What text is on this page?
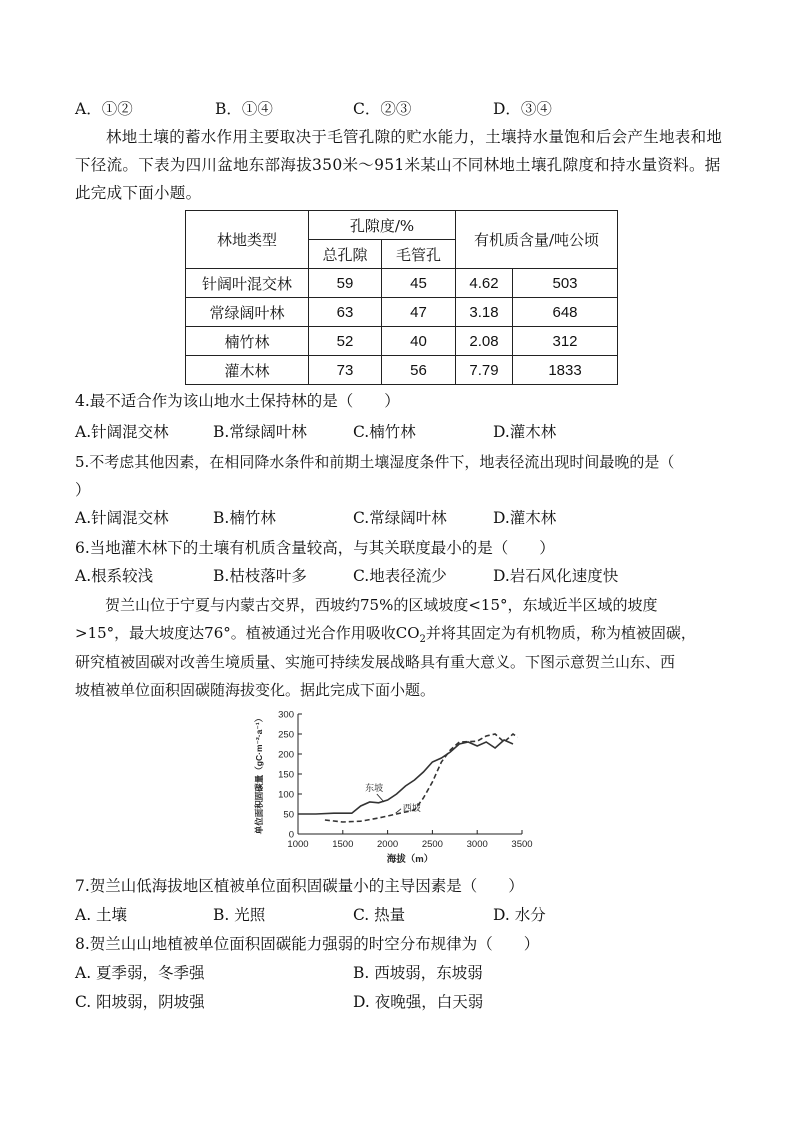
A．①②	B．①④	C．②③	D．③④
林地土壤的蓄水作用主要取决于毛管孔隙的贮水能力，土壤持水量饱和后会产生地表和地下径流。下表为四川盆地东部海拔350米～951米某山不同林地土壤孔隙度和持水量资料。据此完成下面小题。
林地类型	孔隙度/%		有机质含量/吨公顷	
	总孔隙	毛管孔		
针阔叶混交林	59	45	4.62	503
常绿阔叶林	63	47	3.18	648
楠竹林	52	40	2.08	312
灌木林	73	56	7.79	1833
4.最不适合作为该山地水土保持林的是（　　）
A.针阔混交林	B.常绿阔叶林	C.楠竹林	D.灌木林
5.不考虑其他因素，在相同降水条件和前期土壤湿度条件下，地表径流出现时间最晚的是（
）
A.针阔混交林	B.楠竹林	C.常绿阔叶林	D.灌木林
6.当地灌木林下的土壤有机质含量较高，与其关联度最小的是（　　）
A.根系较浅	B.枯枝落叶多	C.地表径流少	D.岩石风化速度快
贺兰山位于宁夏与内蒙古交界，西坡约75%的区域坡度<15°，东域近半区域的坡度
>15°，最大坡度达76°。植被通过光合作用吸收$CO_2$并将其固定为有机物质，称为植被固碳，
研究植被固碳对改善生境质量、实施可持续发展战略具有重大意义。下图示意贺兰山东、西
坡植被单位面积固碳随海拔变化。据此完成下面小题。
0
50
100
150
200
250
300
1000 1500 2000 2500 3000 3500
海拔（m）
单位面积固碳量（gC·m⁻²·a⁻¹）	东坡
西坡
7.贺兰山低海拔地区植被单位面积固碳量小的主导因素是（　　）
A. 土壤	B. 光照	C. 热量	D. 水分
8.贺兰山山地植被单位面积固碳能力强弱的时空分布规律为（　　）
A. 夏季弱，冬季强	B. 西坡弱，东坡弱
C. 阳坡弱，阴坡强	D. 夜晚强，白天弱
